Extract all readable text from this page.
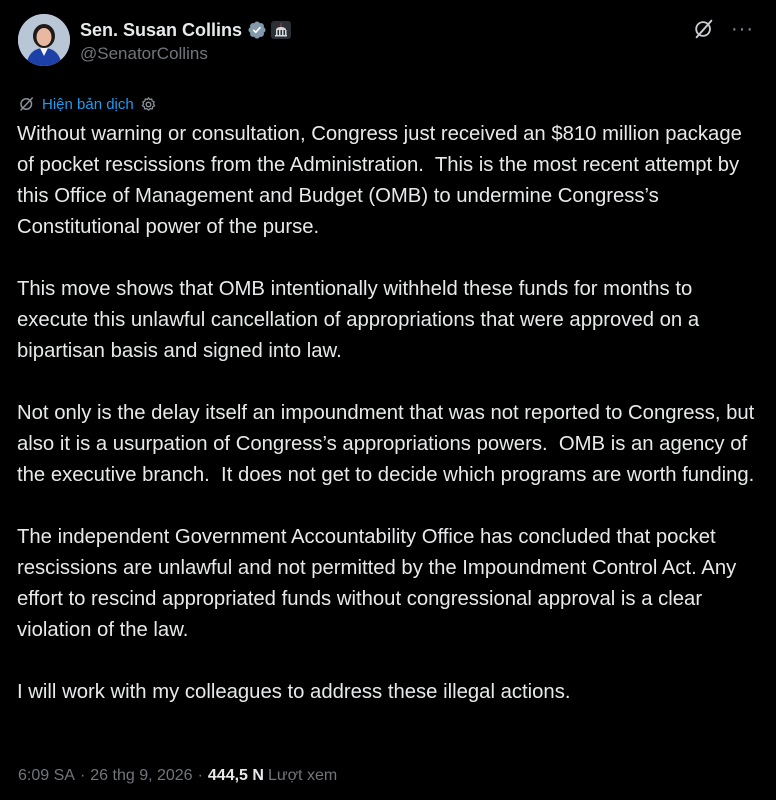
Sen. Susan Collins
@SenatorCollins
···
Hiện bản dịch

Without warning or consultation, Congress just received an $810 million package of pocket rescissions from the Administration.  This is the most recent attempt by this Office of Management and Budget (OMB) to undermine Congress’s Constitutional power of the purse.

This move shows that OMB intentionally withheld these funds for months to execute this unlawful cancellation of appropriations that were approved on a bipartisan basis and signed into law.

Not only is the delay itself an impoundment that was not reported to Congress, but also it is a usurpation of Congress’s appropriations powers.  OMB is an agency of the executive branch.  It does not get to decide which programs are worth funding.

The independent Government Accountability Office has concluded that pocket rescissions are unlawful and not permitted by the Impoundment Control Act. Any effort to rescind appropriated funds without congressional approval is a clear violation of the law.

I will work with my colleagues to address these illegal actions.

6:09 SA · 26 thg 9, 2026 · 444,5 N Lượt xem
